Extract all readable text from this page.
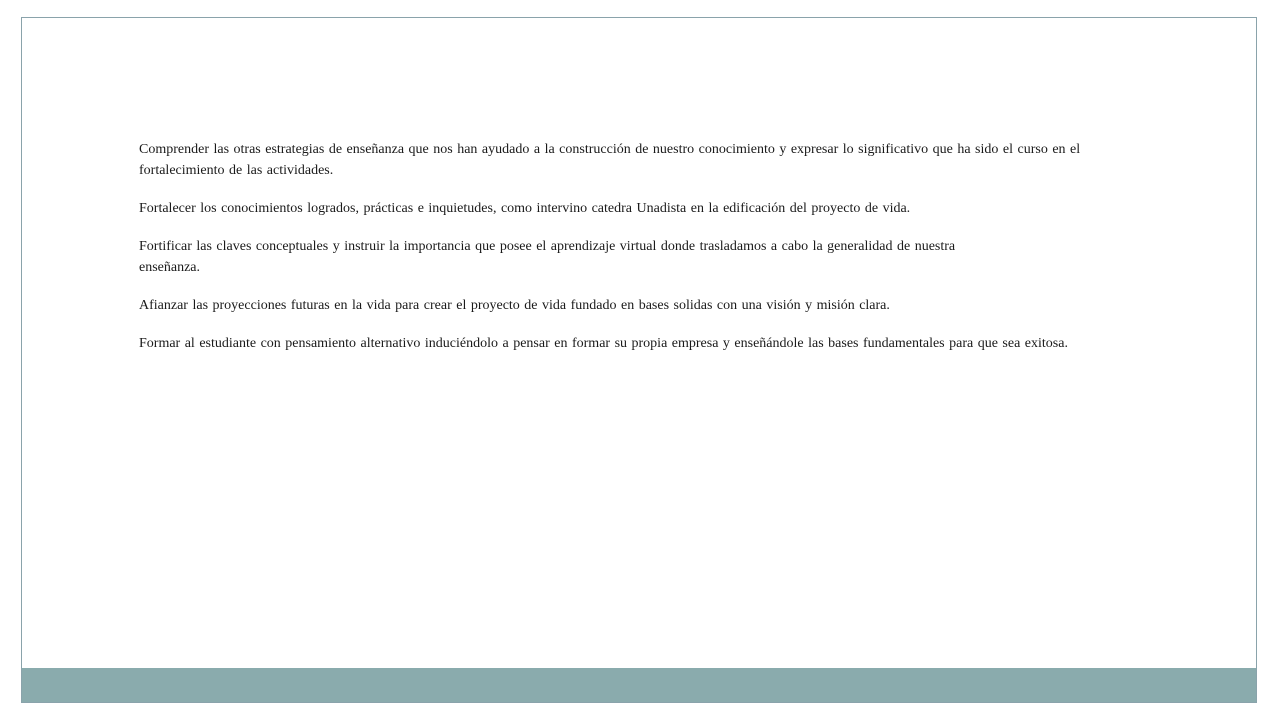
Comprender las otras estrategias de enseñanza que nos han ayudado a la construcción de nuestro conocimiento y expresar lo significativo que ha sido el curso en el fortalecimiento de las actividades.

Fortalecer los conocimientos logrados, prácticas e inquietudes, como intervino catedra Unadista en la edificación del proyecto de vida.

Fortificar las claves conceptuales y instruir la importancia que posee el aprendizaje virtual donde trasladamos a cabo la generalidad de nuestra enseñanza.

Afianzar las proyecciones futuras en la vida para crear el proyecto de vida fundado en bases solidas con una visión y misión clara.

Formar al estudiante con pensamiento alternativo induciéndolo a pensar en formar su propia empresa y enseñándole las bases fundamentales para que sea exitosa.
